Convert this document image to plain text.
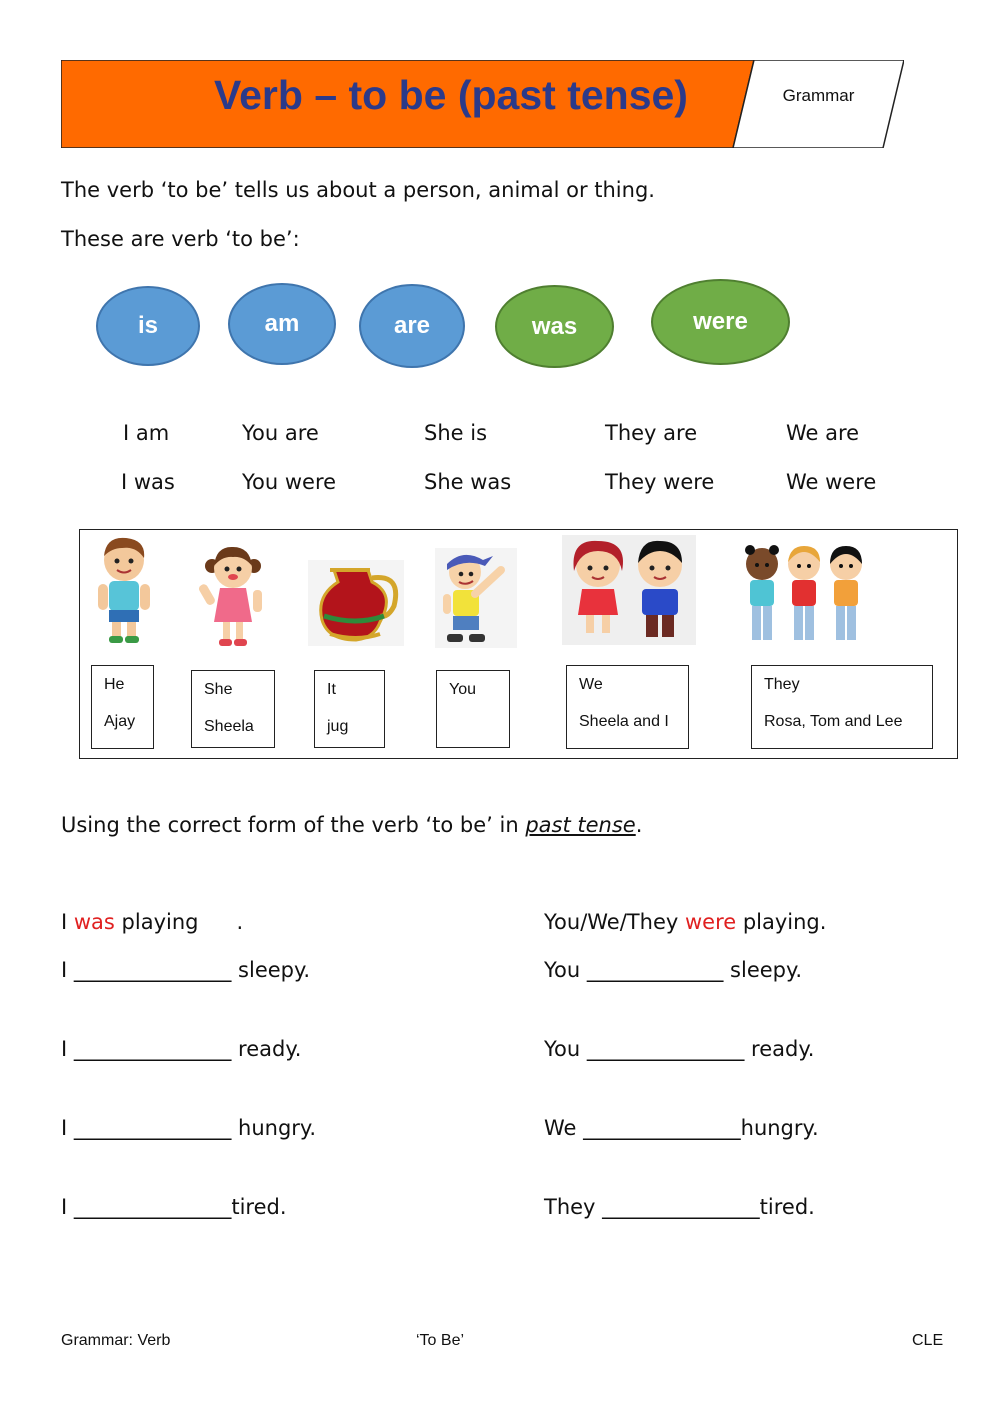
Verb – to be (past tense)	Grammar
The verb ‘to be’ tells us about a person, animal or thing.
These are verb ‘to be’:
is	am	are	was	were
I am	You are	She is	They are	We are
I was	You were	She was	They were	We were
He
Ajay
She
Sheela
It
jug
You	We
Sheela and I
They
Rosa, Tom and Lee
Using the correct form of the verb ‘to be’ in past tense.
I was playing .	You/We/They were playing.
I _______________ sleepy.
I _______________ ready.
I _______________ hungry.
I _______________tired.
You _____________ sleepy.
You _______________ ready.
We _______________hungry.
They _______________tired.
Grammar: Verb	‘To Be’	CLE
